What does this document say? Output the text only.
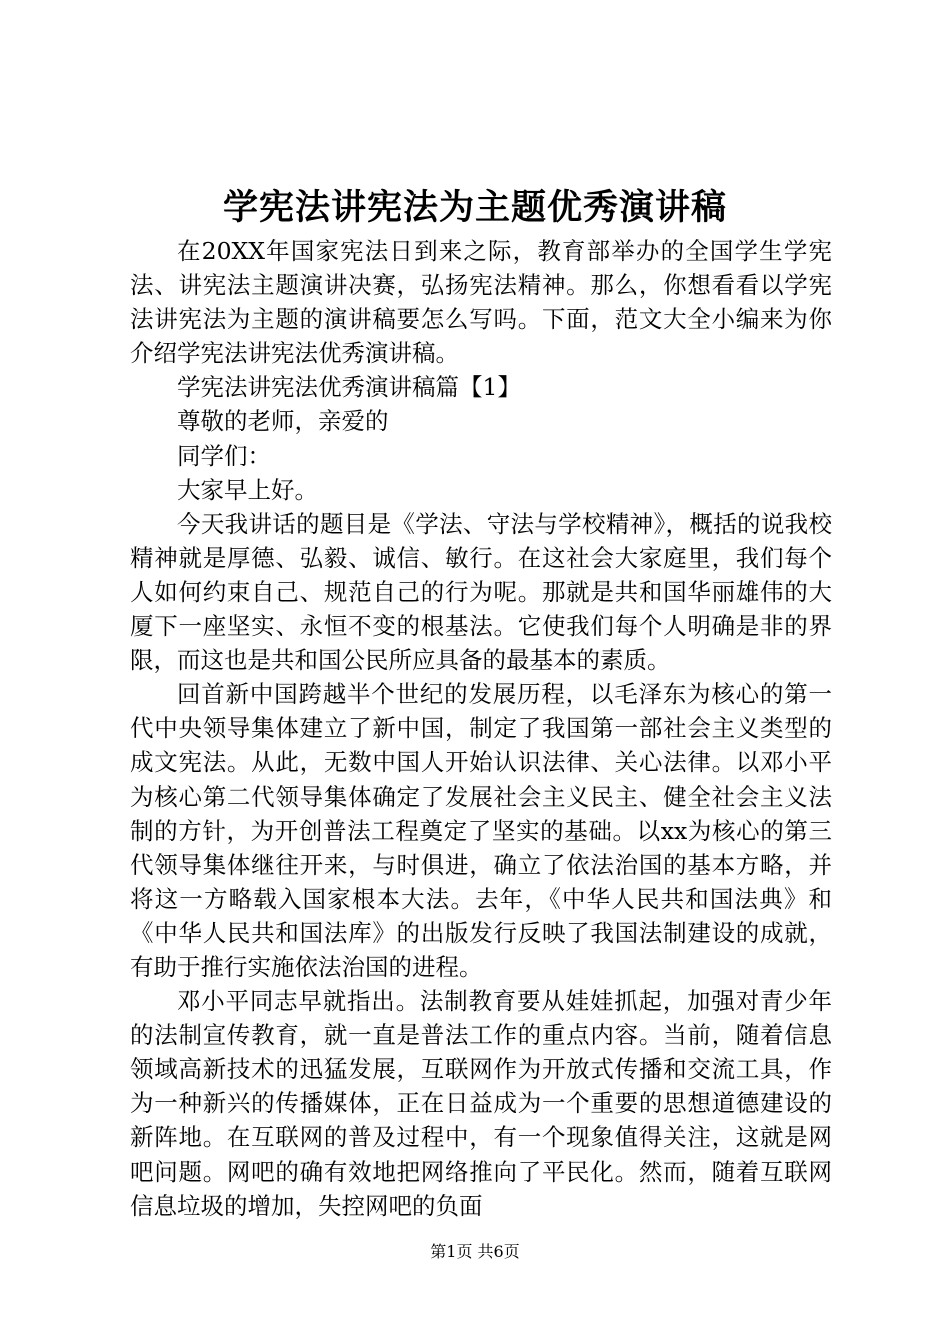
学宪法讲宪法为主题优秀演讲稿

在20XX年国家宪法日到来之际，教育部举办的全国学生学宪法、讲宪法主题演讲决赛，弘扬宪法精神。那么，你想看看以学宪法讲宪法为主题的演讲稿要怎么写吗。下面，范文大全小编来为你介绍学宪法讲宪法优秀演讲稿。

学宪法讲宪法优秀演讲稿篇【1】

尊敬的老师，亲爱的

同学们：

大家早上好。

今天我讲话的题目是《学法、守法与学校精神》，概括的说我校精神就是厚德、弘毅、诚信、敏行。在这社会大家庭里，我们每个人如何约束自己、规范自己的行为呢。那就是共和国华丽雄伟的大厦下一座坚实、永恒不变的根基法。它使我们每个人明确是非的界限，而这也是共和国公民所应具备的最基本的素质。

回首新中国跨越半个世纪的发展历程，以毛泽东为核心的第一代中央领导集体建立了新中国，制定了我国第一部社会主义类型的成文宪法。从此，无数中国人开始认识法律、关心法律。以邓小平为核心第二代领导集体确定了发展社会主义民主、健全社会主义法制的方针，为开创普法工程奠定了坚实的基础。以xx为核心的第三代领导集体继往开来，与时俱进，确立了依法治国的基本方略，并将这一方略载入国家根本大法。去年，《中华人民共和国法典》和《中华人民共和国法库》的出版发行反映了我国法制建设的成就，有助于推行实施依法治国的进程。

邓小平同志早就指出。法制教育要从娃娃抓起，加强对青少年的法制宣传教育，就一直是普法工作的重点内容。当前，随着信息领域高新技术的迅猛发展，互联网作为开放式传播和交流工具，作为一种新兴的传播媒体，正在日益成为一个重要的思想道德建设的新阵地。在互联网的普及过程中，有一个现象值得关注，这就是网吧问题。网吧的确有效地把网络推向了平民化。然而，随着互联网信息垃圾的增加，失控网吧的负面

第1页 共6页
